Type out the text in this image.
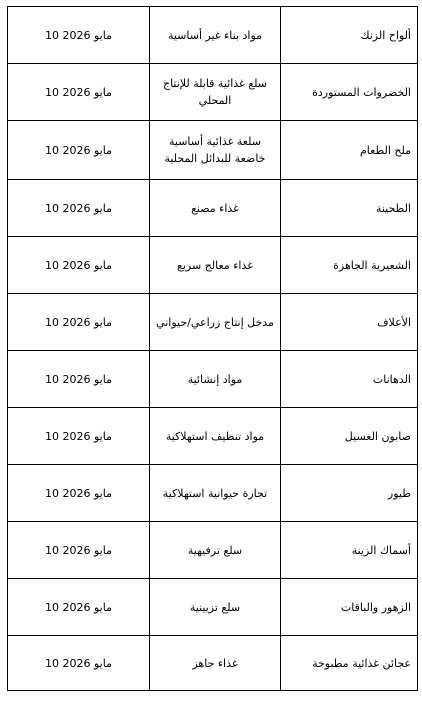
ألواح الزنك	مواد بناء غير أساسية	مايو 2026 10
الخضروات المستوردة	سلع غذائية قابلة للإنتاج المحلي	مايو 2026 10
ملح الطعام	سلعة غذائية أساسية خاضعة للبدائل المحلية	مايو 2026 10
الطحينة	غذاء مصنع	مايو 2026 10
الشعيرية الجاهزة	غذاء معالج سريع	مايو 2026 10
الأعلاف	مدخل إنتاج زراعي/حيواني	مايو 2026 10
الدهانات	مواد إنشائية	مايو 2026 10
صابون الغسيل	مواد تنظيف استهلاكية	مايو 2026 10
طيور	تجارة حيوانية استهلاكية	مايو 2026 10
أسماك الزينة	سلع ترفيهية	مايو 2026 10
الزهور والباقات	سلع تزيينية	مايو 2026 10
عجائن غذائية مطبوخة	غذاء جاهز	مايو 2026 10
